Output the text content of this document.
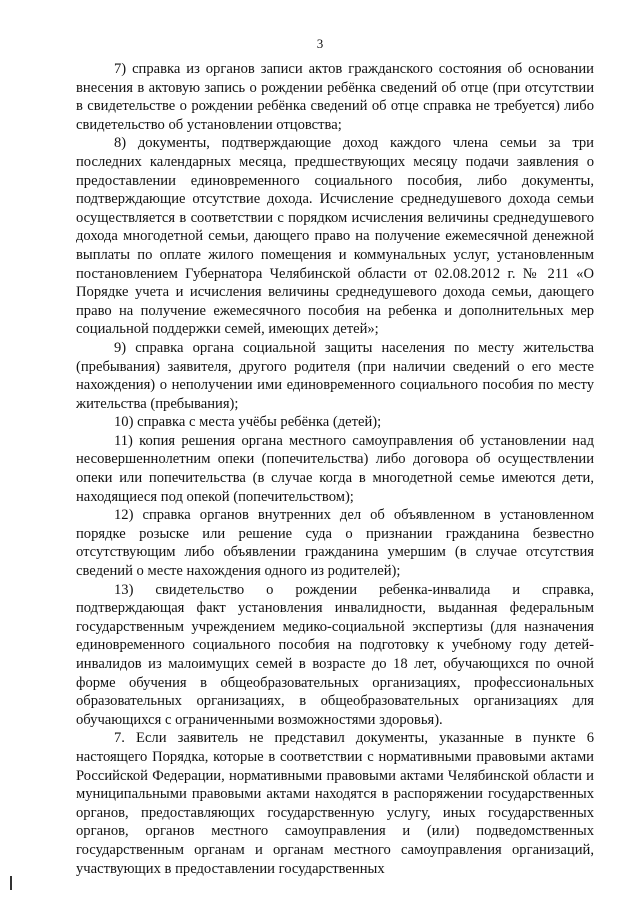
3

7) справка из органов записи актов гражданского состояния об основании внесения в актовую запись о рождении ребёнка сведений об отце (при отсутствии в свидетельстве о рождении ребёнка сведений об отце справка не требуется) либо свидетельство об установлении отцовства;

8) документы, подтверждающие доход каждого члена семьи за три последних календарных месяца, предшествующих месяцу подачи заявления о предоставлении единовременного социального пособия, либо документы, подтверждающие отсутствие дохода. Исчисление среднедушевого дохода семьи осуществляется в соответствии с порядком исчисления величины среднедушевого дохода многодетной семьи, дающего право на получение ежемесячной денежной выплаты по оплате жилого помещения и коммунальных услуг, установленным постановлением Губернатора Челябинской области от 02.08.2012 г. № 211 «О Порядке учета и исчисления величины среднедушевого дохода семьи, дающего право на получение ежемесячного пособия на ребенка и дополнительных мер социальной поддержки семей, имеющих детей»;

9) справка органа социальной защиты населения по месту жительства (пребывания) заявителя, другого родителя (при наличии сведений о его месте нахождения) о неполучении ими единовременного социального пособия по месту жительства (пребывания);

10) справка с места учёбы ребёнка (детей);

11) копия решения органа местного самоуправления об установлении над несовершеннолетним опеки (попечительства) либо договора об осуществлении опеки или попечительства (в случае когда в многодетной семье имеются дети, находящиеся под опекой (попечительством);

12) справка органов внутренних дел об объявленном в установленном порядке розыске или решение суда о признании гражданина безвестно отсутствующим либо объявлении гражданина умершим (в случае отсутствия сведений о месте нахождения одного из родителей);

13) свидетельство о рождении ребенка-инвалида и справка, подтверждающая факт установления инвалидности, выданная федеральным государственным учреждением медико-социальной экспертизы (для назначения единовременного социального пособия на подготовку к учебному году детей-инвалидов из малоимущих семей в возрасте до 18 лет, обучающихся по очной форме обучения в общеобразовательных организациях, профессиональных образовательных организациях, в общеобразовательных организациях для обучающихся с ограниченными возможностями здоровья).

7. Если заявитель не представил документы, указанные в пункте 6 настоящего Порядка, которые в соответствии с нормативными правовыми актами Российской Федерации, нормативными правовыми актами Челябинской области и муниципальными правовыми актами находятся в распоряжении государственных органов, предоставляющих государственную услугу, иных государственных органов, органов местного самоуправления и (или) подведомственных государственным органам и органам местного самоуправления организаций, участвующих в предоставлении государственных
